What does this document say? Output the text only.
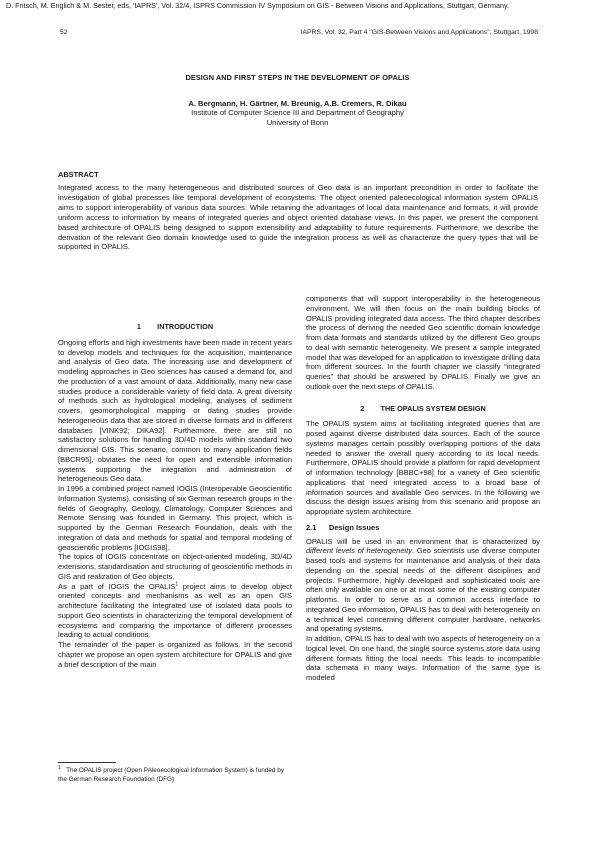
D. Fritsch, M. Englich & M. Sester, eds, 'IAPRS', Vol. 32/4, ISPRS Commission IV Symposium on GIS - Between Visions and Applications, Stuttgart, Germany.
52	IAPRS, Vol. 32, Part 4 "GIS-Between Visions and Applications", Stuttgart, 1998
DESIGN AND FIRST STEPS IN THE DEVELOPMENT OF OPALIS
A. Bergmann, H. Gärtner, M. Breunig, A.B. Cremers, R. Dikau
Institute of Computer Science III and Department of Geography
University of Bonn
ABSTRACT
Integrated access to the many heterogeneous and distributed sources of Geo data is an important precondition in order to facilitate the investigation of global processes like temporal development of ecosystems. The object oriented paleoecological information system OPALIS aims to support interoperability of various data sources. While retaining the advantages of local data maintenance and formats, it will provide uniform access to information by means of integrated queries and object oriented database views. In this paper, we present the component based architecture of OPALIS being designed to support extensibility and adaptability to future requirements. Furthermore, we describe the derivation of the relevant Geo domain knowledge used to guide the integration process as well as characterize the query types that will be supported in OPALIS.
1        INTRODUCTION

Ongoing efforts and high investments have been made in recent years to develop models and techniques for the acquisition, maintenance and analysis of Geo data. The increasing use and development of modeling approaches in Geo sciences has caused a demand for, and the production of a vast amount of data. Additionally, many new case studies produce a considerable variety of field data. A great diversity of methods such as hydrological modeling, analyses of sediment covers, geomorphological mapping or dating studies provide heterogeneous data that are stored in diverse formats and in different databases [VINK92; DIKA92]. Furthermore, there are still no satisfactory solutions for handling 3D/4D models within standard two dimensional GIS. This scenario, common to many application fields [BBCR95], obviates the need for open and extensible information systems supporting the integration and administration of heterogeneous Geo data.

In 1996 a combined project named IOGIS (Interoperable Geoscientific Information Systems), consisting of six German research groups in the fields of Geography, Geology, Climatology, Computer Sciences and Remote Sensing was founded in Germany. This project, which is supported by the German Research Foundation, deals with the integration of data and methods for spatial and temporal modeling of geoscientific problems [IOGIS98].

The topics of IOGIS concentrate on object-oriented modeling, 3D/4D extensions, standardisation and structuring of geoscientific methods in GIS and realization of Geo objects.

As a part of IOGIS the OPALIS$^1$ project aims to develop object oriented concepts and mechanisms as well as an open GIS architecture facilitating the integrated use of isolated data pools to support Geo scientists in characterizing the temporal development of ecosystems and comparing the importance of different processes leading to actual conditions.

The remainder of the paper is organized as follows. In the second chapter we propose an open system architecture for OPALIS and give a brief description of the main

components that will support interoperability in the heterogeneous environment. We will then focus on the main building blocks of OPALIS providing integrated data access. The third chapter describes the process of deriving the needed Geo scientific domain knowledge from data formats and standards utilized by the different Geo groups to deal with semantic heterogeneity. We present a sample integrated model that was developed for an application to investigate drilling data from different sources. In the fourth chapter we classify “integrated queries” that should be answered by OPALIS. Finally we give an outlook over the next steps of OPALIS.

2        THE OPALIS SYSTEM DESIGN

The OPALIS system aims at facilitating integrated queries that are posed against diverse distributed data sources. Each of the source systems manages certain possibly overlapping portions of the data needed to answer the overall query according to its local needs. Furthermore, OPALIS should provide a platform for rapid development of information technology [BBBC+98] for a variety of Geo scientific applications that need integrated access to a broad base of information sources and available Geo services. In the following we discuss the design issues arising from this scenario and propose an appropriate system architecture.

2.1      Design Issues

OPALIS will be used in an environment that is characterized by different levels of heterogeneity. Geo scientists use diverse computer based tools and systems for maintenance and analysis of their data depending on the special needs of the different disciplines and projects. Furthermore, highly developed and sophisticated tools are often only available on one or at most some of the existing computer platforms. In order to serve as a common access interface to integrated Geo information, OPALIS has to deal with heterogeneity on a technical level concerning different computer hardware, networks and operating systems.

In addition, OPALIS has to deal with two aspects of heterogeneity on a logical level. On one hand, the single source systems store data using different formats fitting the local needs. This leads to incompatible data schemata in many ways. Information of the same type is modeled

$^1$ The OPALIS project (Open PAleoecological Information System) is funded by the German Research Foundation (DFG)
